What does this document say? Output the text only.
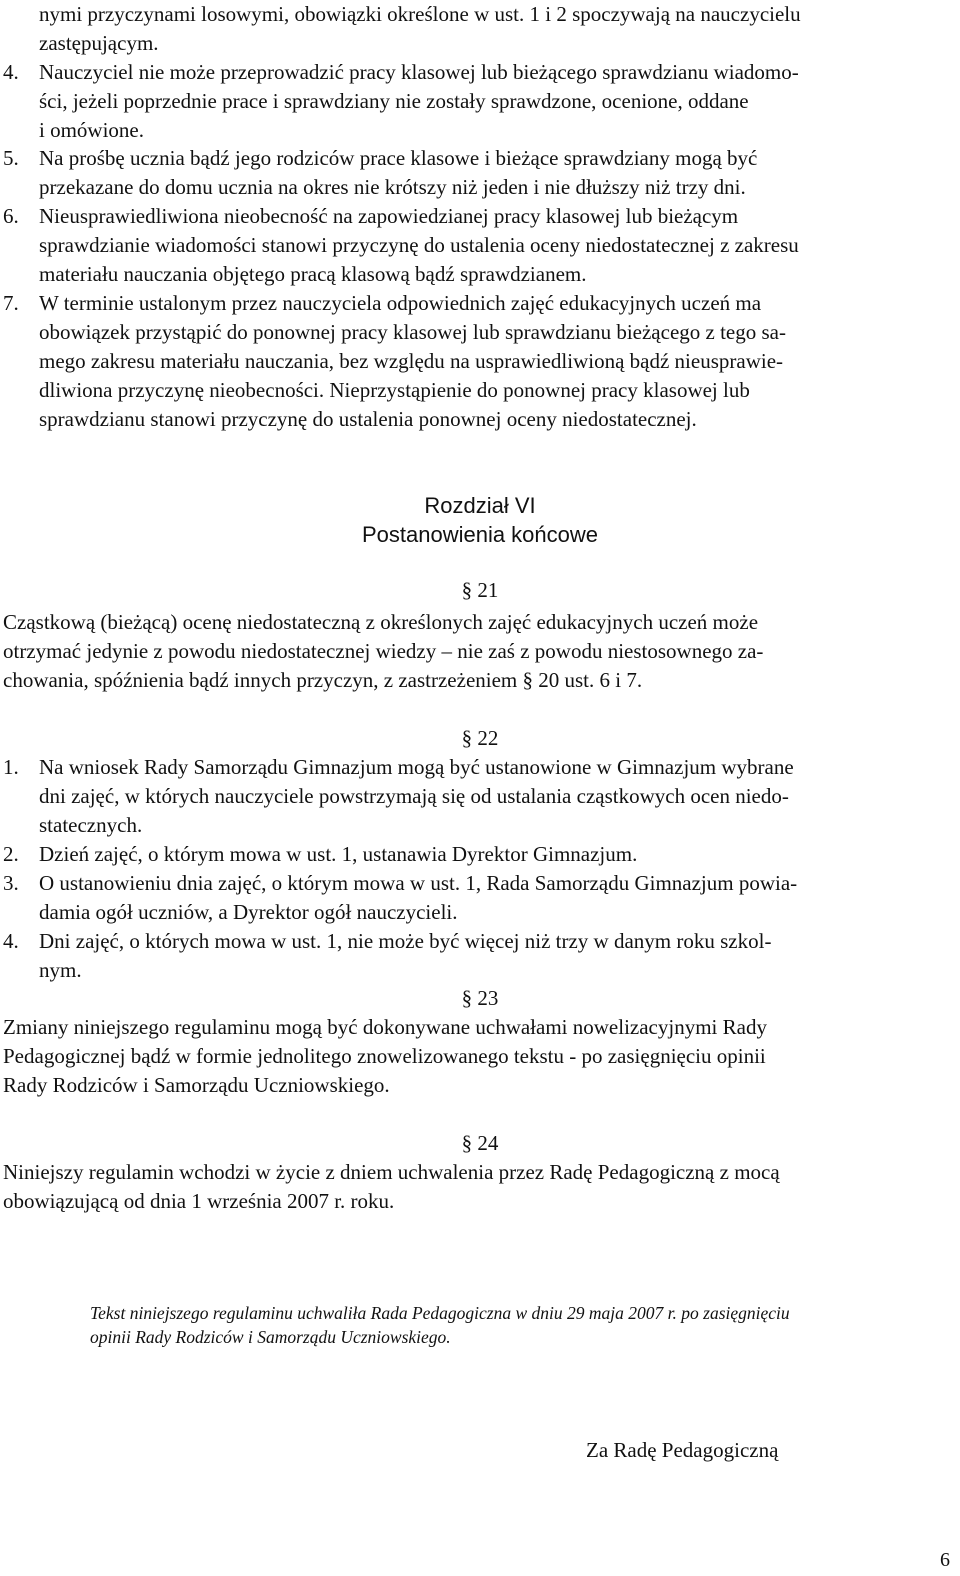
nymi przyczynami losowymi, obowiązki określone w ust. 1 i 2 spoczywają na nauczycielu
zastępującym.
4. Nauczyciel nie może przeprowadzić pracy klasowej lub bieżącego sprawdzianu wiadomo-
ści, jeżeli poprzednie prace i sprawdziany nie zostały sprawdzone, ocenione, oddane
i omówione.
5. Na prośbę ucznia bądź jego rodziców prace klasowe i bieżące sprawdziany mogą być
przekazane do domu ucznia na okres nie krótszy niż jeden i nie dłuższy niż trzy dni.
6. Nieusprawiedliwiona nieobecność na zapowiedzianej pracy klasowej lub bieżącym
sprawdzianie wiadomości stanowi przyczynę do ustalenia oceny niedostatecznej z zakresu
materiału nauczania objętego pracą klasową bądź sprawdzianem.
7. W terminie ustalonym przez nauczyciela odpowiednich zajęć edukacyjnych uczeń ma
obowiązek przystąpić do ponownej pracy klasowej lub sprawdzianu bieżącego z tego sa-
mego zakresu materiału nauczania, bez względu na usprawiedliwioną bądź nieusprawie-
dliwiona przyczynę nieobecności. Nieprzystąpienie do ponownej pracy klasowej lub
sprawdzianu stanowi przyczynę do ustalenia ponownej oceny niedostatecznej.
Rozdział VI
Postanowienia końcowe
§ 21
Cząstkową (bieżącą) ocenę niedostateczną z określonych zajęć edukacyjnych uczeń może
otrzymać jedynie z powodu niedostatecznej wiedzy – nie zaś z powodu niestosownego za-
chowania, spóźnienia bądź innych przyczyn, z zastrzeżeniem § 20 ust. 6 i 7.
§ 22
1. Na wniosek Rady Samorządu Gimnazjum mogą być ustanowione w Gimnazjum wybrane
dni zajęć, w których nauczyciele powstrzymają się od ustalania cząstkowych ocen niedo-
statecznych.
2. Dzień zajęć, o którym mowa w ust. 1, ustanawia Dyrektor Gimnazjum.
3. O ustanowieniu dnia zajęć, o którym mowa w ust. 1, Rada Samorządu Gimnazjum powia-
damia ogół uczniów, a Dyrektor ogół nauczycieli.
4. Dni zajęć, o których mowa w ust. 1, nie może być więcej niż trzy w danym roku szkol-
nym.
§ 23
Zmiany niniejszego regulaminu mogą być dokonywane uchwałami nowelizacyjnymi Rady
Pedagogicznej bądź w formie jednolitego znowelizowanego tekstu - po zasięgnięciu opinii
Rady Rodziców i Samorządu Uczniowskiego.
§ 24
Niniejszy regulamin wchodzi w życie z dniem uchwalenia przez Radę Pedagogiczną z mocą
obowiązującą od dnia 1 września 2007 r. roku.
Tekst niniejszego regulaminu uchwaliła Rada Pedagogiczna w dniu 29 maja 2007 r. po zasięgnięciu
opinii Rady Rodziców i Samorządu Uczniowskiego.
Za Radę Pedagogiczną
6
